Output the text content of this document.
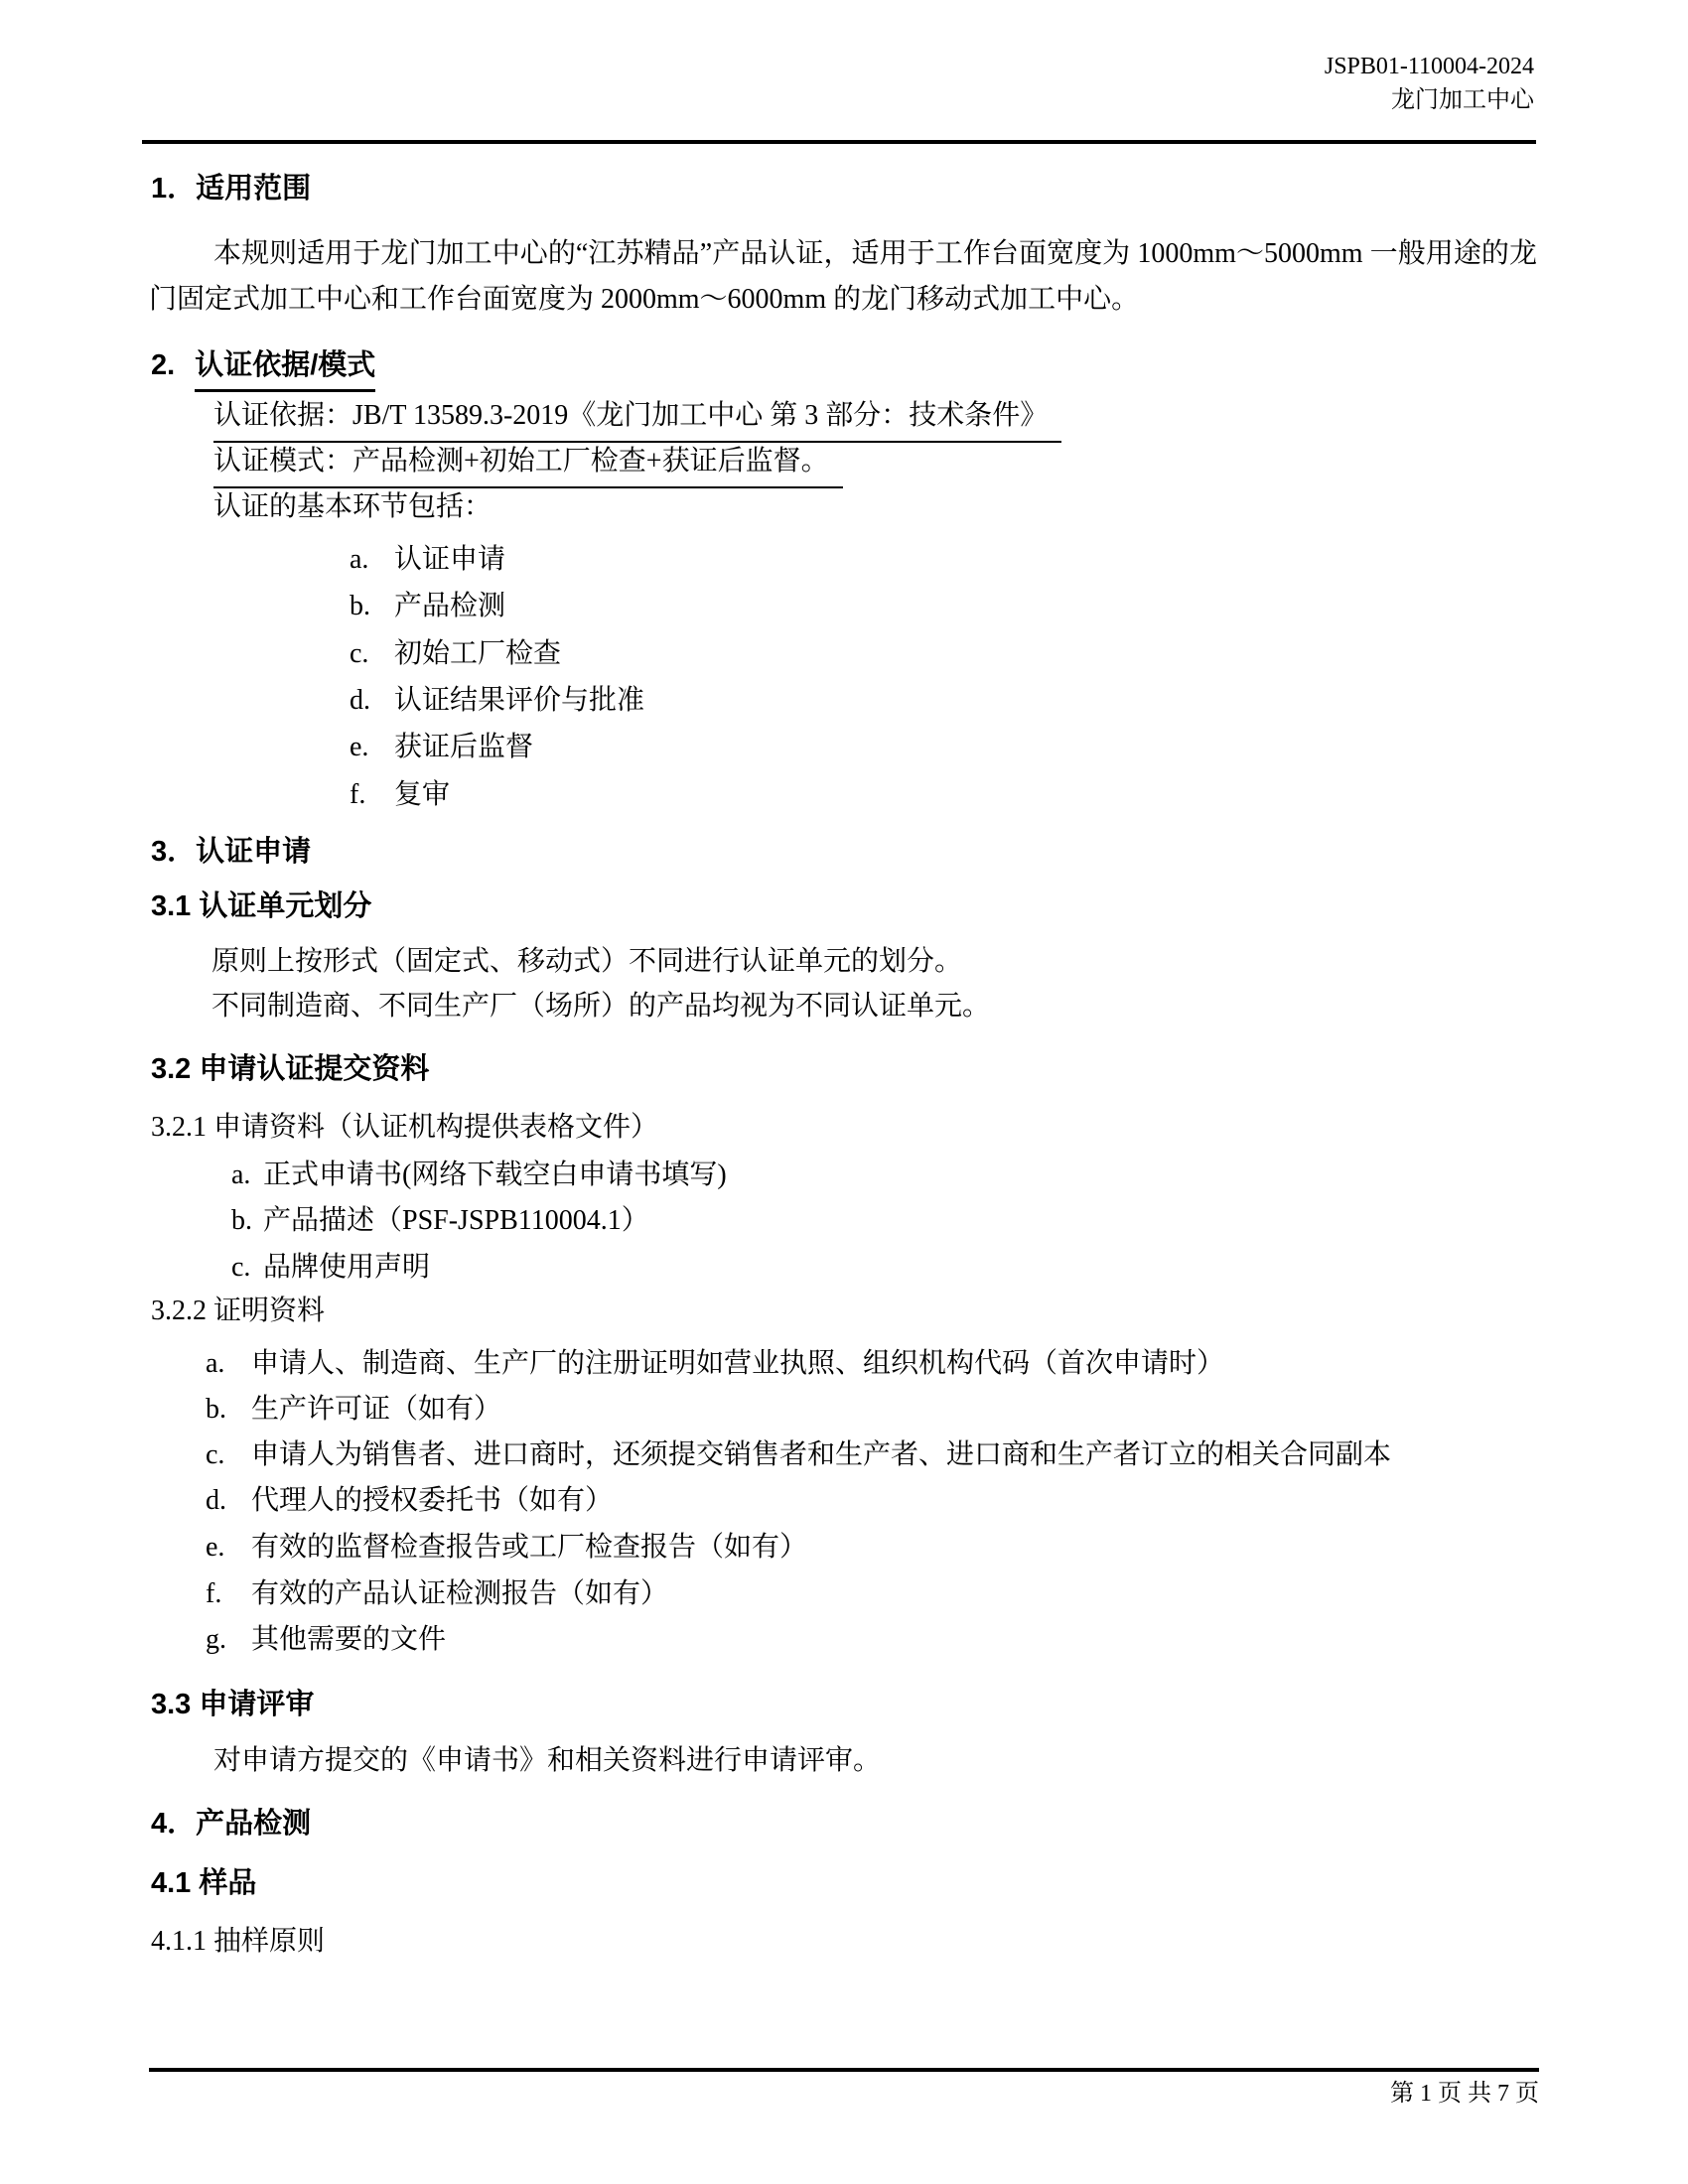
JSPB01-110004-2024
龙门加工中心
1．适用范围
本规则适用于龙门加工中心的“江苏精品”产品认证，适用于工作台面宽度为 1000mm～5000mm 一般用途的龙门固定式加工中心和工作台面宽度为 2000mm～6000mm 的龙门移动式加工中心。
2. 认证依据/模式
认证依据：JB/T 13589.3-2019《龙门加工中心 第 3 部分：技术条件》
认证模式：产品检测+初始工厂检查+获证后监督。
认证的基本环节包括：
a. 认证申请
b. 产品检测
c. 初始工厂检查
d. 认证结果评价与批准
e. 获证后监督
f. 复审
3．认证申请
3.1 认证单元划分
原则上按形式（固定式、移动式）不同进行认证单元的划分。
不同制造商、不同生产厂（场所）的产品均视为不同认证单元。
3.2 申请认证提交资料
3.2.1 申请资料（认证机构提供表格文件）
a. 正式申请书(网络下载空白申请书填写)
b. 产品描述（PSF-JSPB110004.1）
c. 品牌使用声明
3.2.2 证明资料
a. 申请人、制造商、生产厂的注册证明如营业执照、组织机构代码（首次申请时）
b. 生产许可证（如有）
c. 申请人为销售者、进口商时，还须提交销售者和生产者、进口商和生产者订立的相关合同副本
d. 代理人的授权委托书（如有）
e. 有效的监督检查报告或工厂检查报告（如有）
f. 有效的产品认证检测报告（如有）
g. 其他需要的文件
3.3 申请评审
对申请方提交的《申请书》和相关资料进行申请评审。
4．产品检测
4.1 样品
4.1.1 抽样原则
第 1 页 共 7 页
